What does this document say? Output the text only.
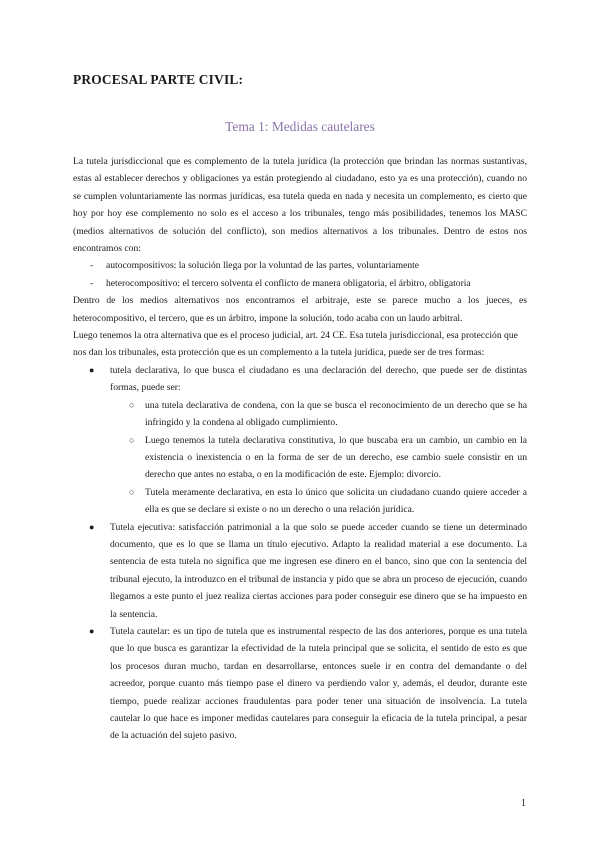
PROCESAL PARTE CIVIL:
Tema 1: Medidas cautelares

La tutela jurisdiccional que es complemento de la tutela jurídica (la protección que brindan las normas sustantivas, estas al establecer derechos y obligaciones ya están protegiendo al ciudadano, esto ya es una protección), cuando no se cumplen voluntariamente las normas jurídicas, esa tutela queda en nada y necesita un complemento, es cierto que hoy por hoy ese complemento no solo es el acceso a los tribunales, tengo más posibilidades, tenemos los MASC (medios alternativos de solución del conflicto), son medios alternativos a los tribunales. Dentro de estos nos encontramos con:

- autocompositivos: la solución llega por la voluntad de las partes, voluntariamente
- heterocompositivo: el tercero solventa el conflicto de manera obligatoria, el árbitro, obligatoria

Dentro de los medios alternativos nos encontramos el arbitraje, este se parece mucho a los jueces, es heterocompositivo, el tercero, que es un árbitro, impone la solución, todo acaba con un laudo arbitral.

Luego tenemos la otra alternativa que es el proceso judicial, art. 24 CE. Esa tutela jurisdiccional, esa protección que nos dan los tribunales, esta protección que es un complemento a la tutela jurídica, puede ser de tres formas:

● tutela declarativa, lo que busca el ciudadano es una declaración del derecho, que puede ser de distintas formas, puede ser:
○ una tutela declarativa de condena, con la que se busca el reconocimiento de un derecho que se ha infringido y la condena al obligado cumplimiento.
○ Luego tenemos la tutela declarativa constitutiva, lo que buscaba era un cambio, un cambio en la existencia o inexistencia o en la forma de ser de un derecho, ese cambio suele consistir en un derecho que antes no estaba, o en la modificación de este. Ejemplo: divorcio.
○ Tutela meramente declarativa, en esta lo único que solicita un ciudadano cuando quiere acceder a ella es que se declare si existe o no un derecho o una relación jurídica.
● Tutela ejecutiva: satisfacción patrimonial a la que solo se puede acceder cuando se tiene un determinado documento, que es lo que se llama un título ejecutivo. Adapto la realidad material a ese documento. La sentencia de esta tutela no significa que me ingresen ese dinero en el banco, sino que con la sentencia del tribunal ejecuto, la introduzco en el tribunal de instancia y pido que se abra un proceso de ejecución, cuando llegamos a este punto el juez realiza ciertas acciones para poder conseguir ese dinero que se ha impuesto en la sentencia.
● Tutela cautelar: es un tipo de tutela que es instrumental respecto de las dos anteriores, porque es una tutela que lo que busca es garantizar la efectividad de la tutela principal que se solicita, el sentido de esto es que los procesos duran mucho, tardan en desarrollarse, entonces suele ir en contra del demandante o del acreedor, porque cuanto más tiempo pase el dinero va perdiendo valor y, además, el deudor, durante este tiempo, puede realizar acciones fraudulentas para poder tener una situación de insolvencia. La tutela cautelar lo que hace es imponer medidas cautelares para conseguir la eficacia de la tutela principal, a pesar de la actuación del sujeto pasivo.
1
